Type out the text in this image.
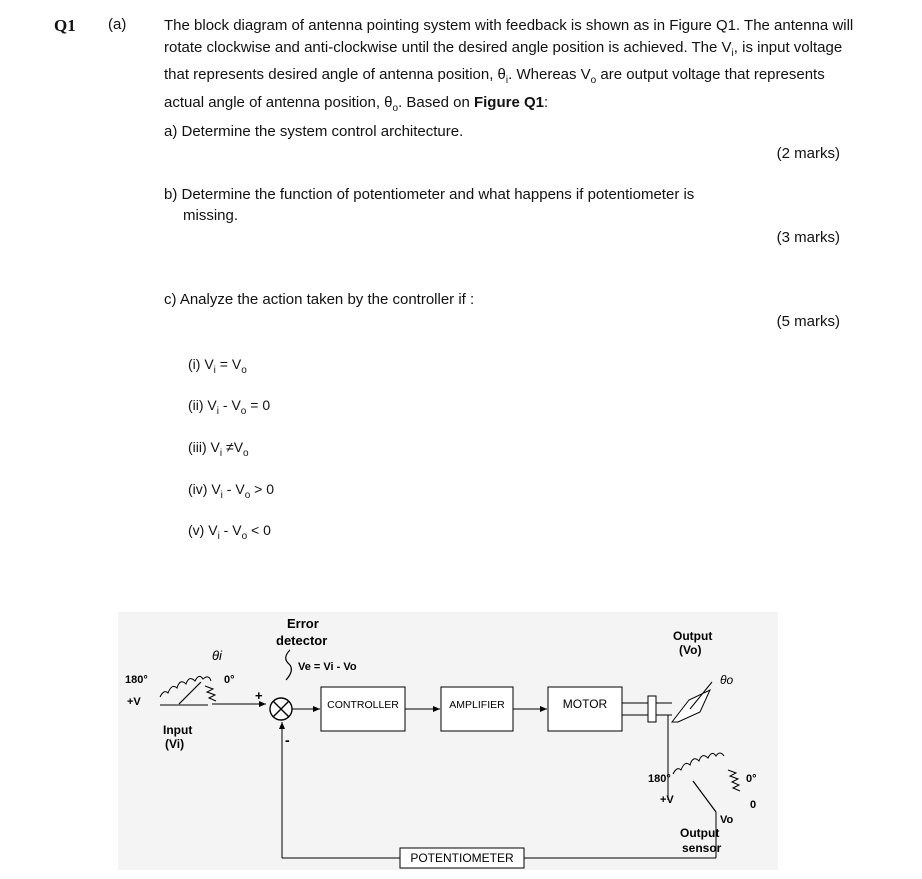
Q1 (a)	The block diagram of antenna pointing system with feedback is shown as in Figure Q1. The antenna will rotate clockwise and anti-clockwise until the desired angle position is achieved. The $V_i$, is input voltage that represents desired angle of antenna position, $\theta_i$. Whereas $V_o$ are output voltage that represents actual angle of antenna position, $\theta_o$. Based on Figure Q1:
a) Determine the system control architecture.
(2 marks)
b) Determine the function of potentiometer and what happens if potentiometer is
missing.
(3 marks)
c) Analyze the action taken by the controller if :
(5 marks)
(i) $V_i = V_o$
(ii) $V_i - V_o = 0$
(iii) $V_i \ne V_o$
(iv) $V_i - V_o > 0$
(v) $V_i - V_o < 0$
θi
180°	0°
+V
Input
(Vi)
+
-
Error
detector
Ve = Vi - Vo
CONTROLLER	AMPLIFIER	MOTOR
Output
(Vo)
θo
180°	0°
0
+V
Vo
Output
sensor
POTENTIOMETER
